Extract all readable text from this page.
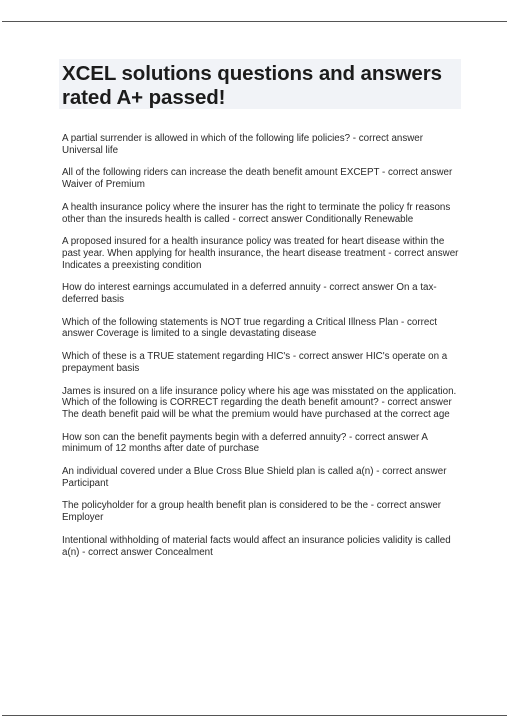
XCEL solutions questions and answers rated A+ passed!
A partial surrender is allowed in which of the following life policies? - correct answer Universal life
All of the following riders can increase the death benefit amount EXCEPT - correct answer Waiver of Premium
A health insurance policy where the insurer has the right to terminate the policy fr reasons other than the insureds health is called - correct answer Conditionally Renewable
A proposed insured for a health insurance policy was treated for heart disease within the past year. When applying for health insurance, the heart disease treatment - correct answer Indicates a preexisting condition
How do interest earnings accumulated in a deferred annuity - correct answer On a tax-deferred basis
Which of the following statements is NOT true regarding a Critical Illness Plan - correct answer Coverage is limited to a single devastating disease
Which of these is a TRUE statement regarding HIC's - correct answer HIC's operate on a prepayment basis
James is insured on a life insurance policy where his age was misstated on the application. Which of the following is CORRECT regarding the death benefit amount? - correct answer The death benefit paid will be what the premium would have purchased at the correct age
How son can the benefit payments begin with a deferred annuity? - correct answer A minimum of 12 months after date of purchase
An individual covered under a Blue Cross Blue Shield plan is called a(n) - correct answer Participant
The policyholder for a group health benefit plan is considered to be the - correct answer Employer
Intentional withholding of material facts would affect an insurance policies validity is called a(n) - correct answer Concealment
